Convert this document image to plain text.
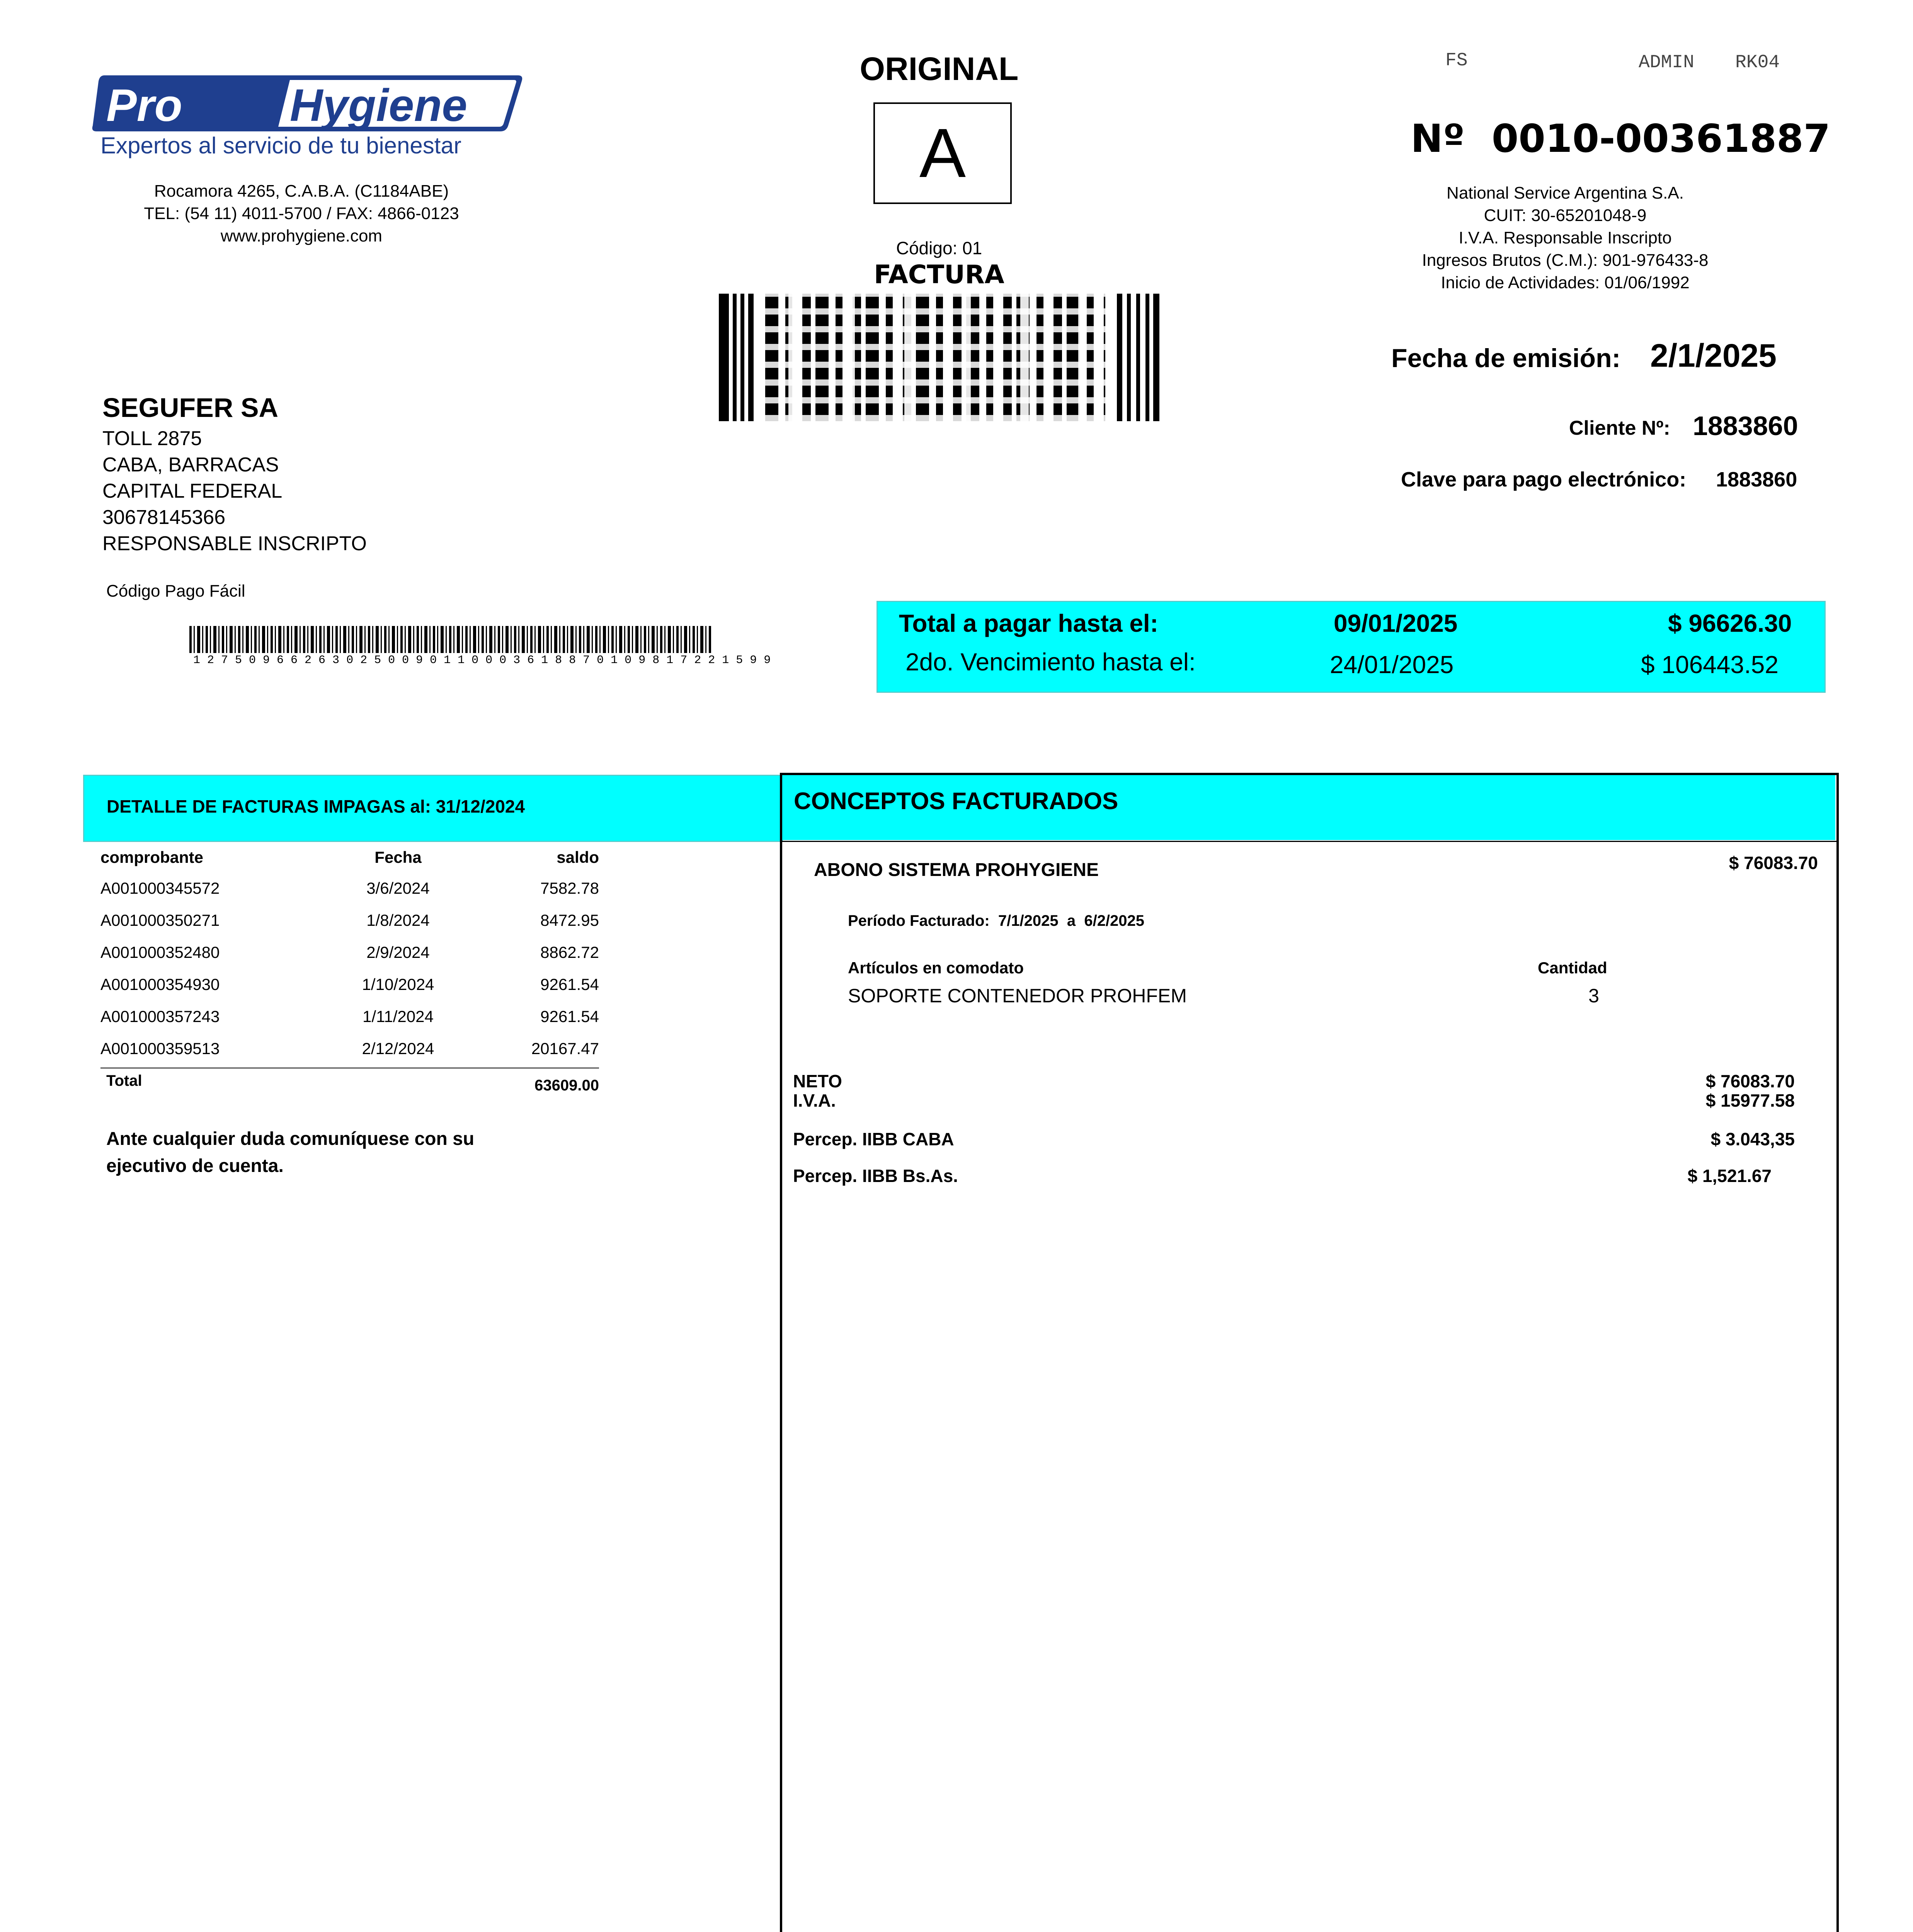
Pro Hygiene
Expertos al servicio de tu bienestar
Rocamora 4265, C.A.B.A. (C1184ABE)
TEL: (54 11) 4011-5700 / FAX: 4866-0123
www.prohygiene.com
ORIGINAL
A
Código: 01
FACTURA
FS	ADMIN RK04
Nº  0010-00361887
National Service Argentina S.A.
CUIT: 30-65201048-9
I.V.A. Responsable Inscripto
Ingresos Brutos (C.M.): 901-976433-8
Inicio de Actividades: 01/06/1992
Fecha de emisión: 2/1/2025
Cliente Nº: 1883860
Clave para pago electrónico: 1883860
SEGUFER SA
TOLL 2875
CABA, BARRACAS
CAPITAL FEDERAL
30678145366
RESPONSABLE INSCRIPTO
Código Pago Fácil
1 2 7 5 0 9 6 6 2 6 3 0 2 5 0 0 9 0 1 1 0 0 0 3 6 1 8 8 7 0 1 0 9 8 1 7 2 2 1 5 9 9
Total a pagar hasta el:	09/01/2025	$ 96626.30
2do. Vencimiento hasta el:	24/01/2025	$ 106443.52
DETALLE DE FACTURAS IMPAGAS al: 31/12/2024
comprobante	Fecha	saldo
A001000345572	3/6/2024	7582.78
A001000350271	1/8/2024	8472.95
A001000352480	2/9/2024	8862.72
A001000354930	1/10/2024	9261.54
A001000357243	1/11/2024	9261.54
A001000359513	2/12/2024	20167.47
Total	63609.00
Ante cualquier duda comuníquese con su
ejecutivo de cuenta.
CONCEPTOS FACTURADOS
ABONO SISTEMA PROHYGIENE	$ 76083.70
Período Facturado:  7/1/2025  a  6/2/2025
Artículos en comodato	Cantidad
SOPORTE CONTENEDOR PROHFEM	3
NETO	$ 76083.70
I.V.A.	$ 15977.58
Percep. IIBB CABA	$ 3.043,35
Percep. IIBB Bs.As.	$ 1,521.67
